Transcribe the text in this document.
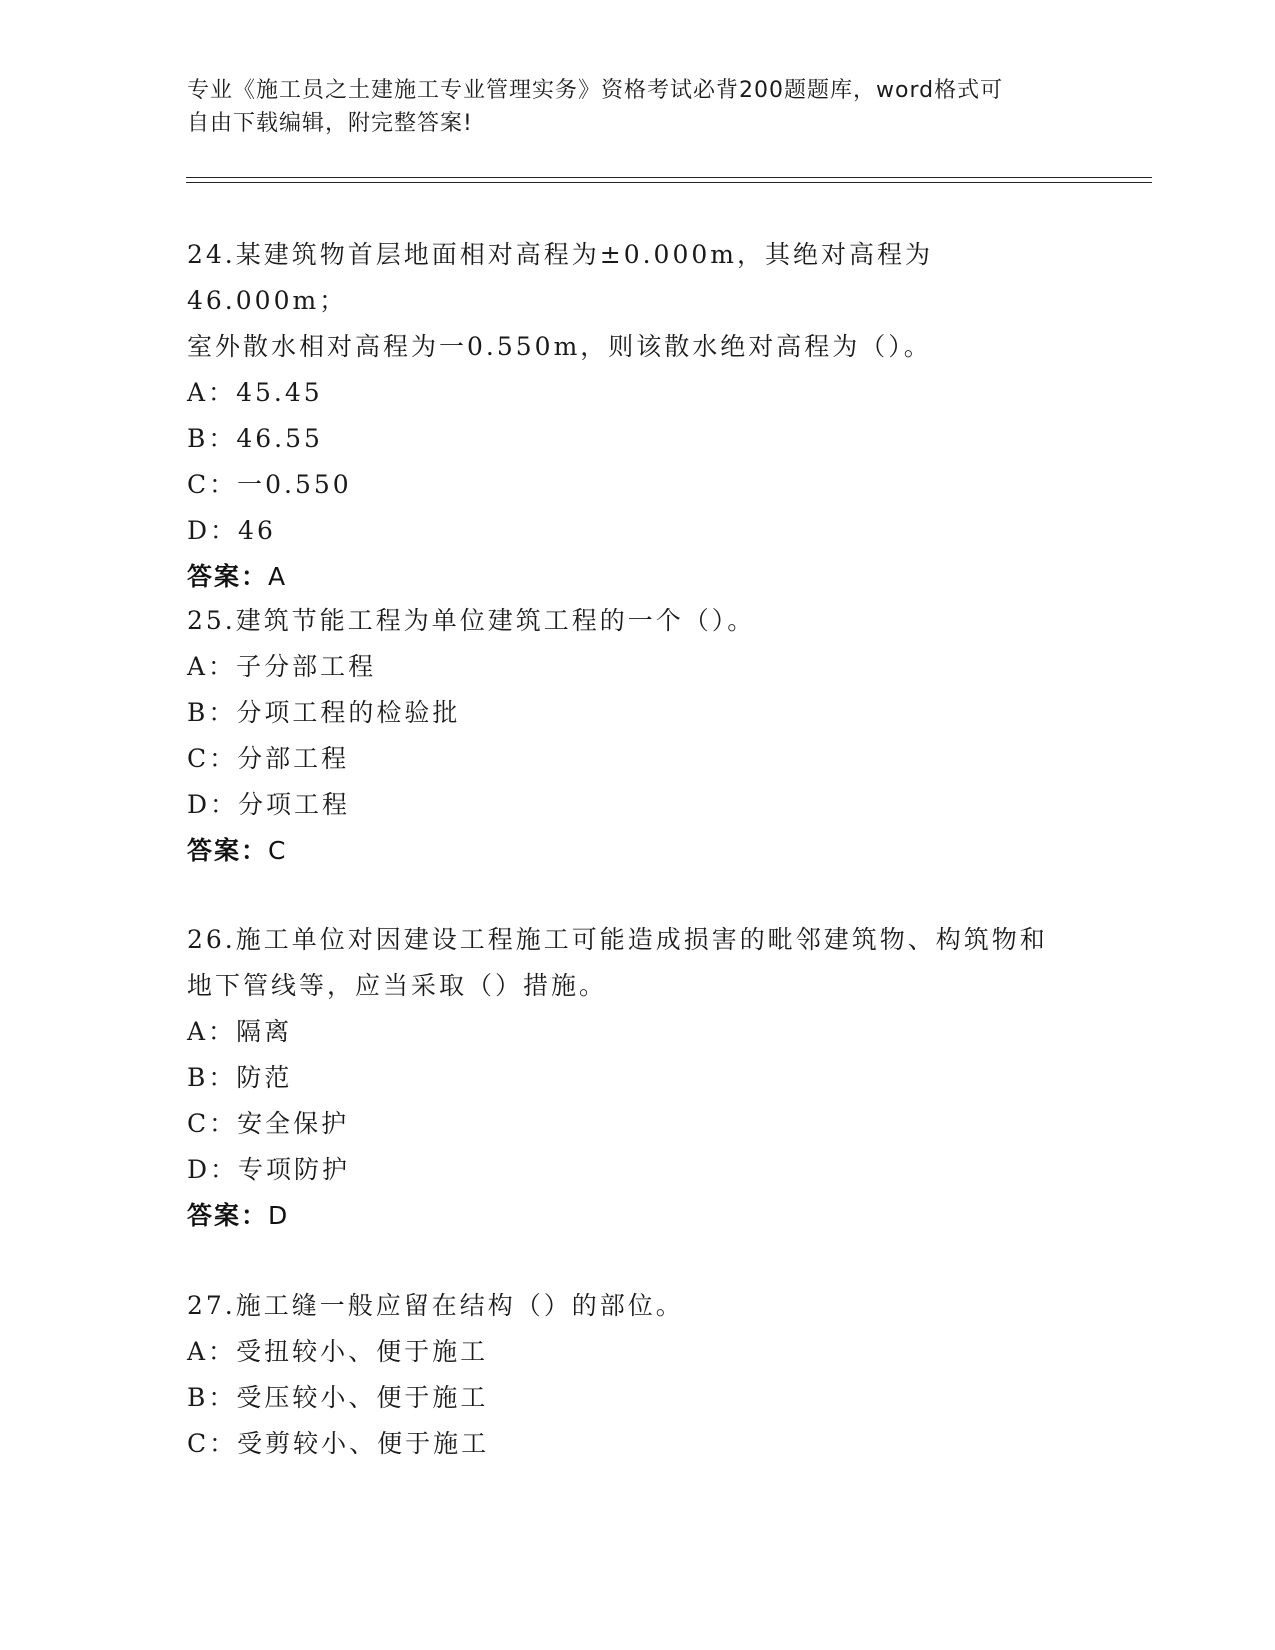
专业《施工员之土建施工专业管理实务》资格考试必背200题题库，word格式可
自由下载编辑，附完整答案!
24.某建筑物首层地面相对高程为±0.000m，其绝对高程为46.000m；
室外散水相对高程为一0.550m，则该散水绝对高程为（）。
A： 45.45
B： 46.55
C： 一0.550
D： 46
答案：A
25.建筑节能工程为单位建筑工程的一个（）。
A： 子分部工程
B： 分项工程的检验批
C： 分部工程
D： 分项工程
答案：C
26.施工单位对因建设工程施工可能造成损害的毗邻建筑物、构筑物和
地下管线等，应当采取（）措施。
A： 隔离
B： 防范
C： 安全保护
D： 专项防护
答案：D
27.施工缝一般应留在结构（）的部位。
A： 受扭较小、便于施工
B： 受压较小、便于施工
C： 受剪较小、便于施工
